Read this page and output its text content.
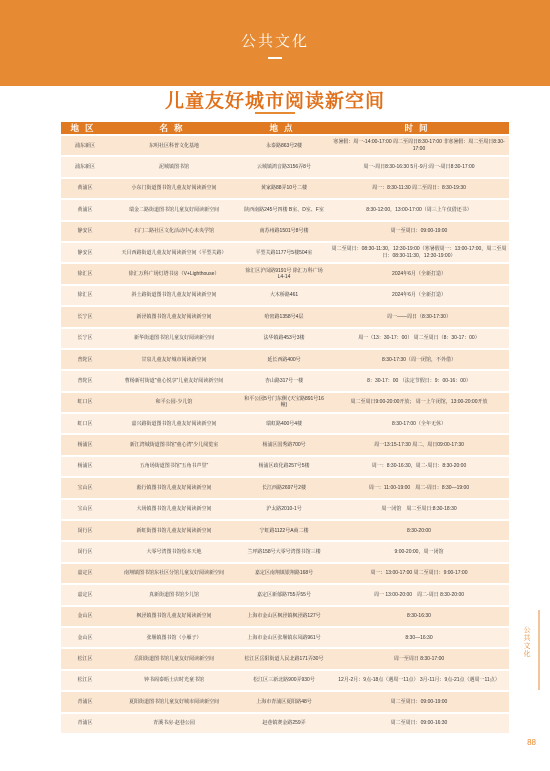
公共文化
儿童友好城市阅读新空间
地区	名称	地点	时间
浦东新区	东明社区科普文化基地	永泰路863号2楼	寒暑假：周一-14:00-17:00 周二至周日8:30-17:00 非寒暑假：周二至周日8:30-17:00
浦东新区	泥城镇图书馆	云城镇鸿音路3156弄8号	周一-周日8:30-16:30 5月-9月:周一-周日8:30-17:00
黄浦区	小东门街道图书馆儿童友好阅读新空间	黄家路88弄10号二楼	周一：8:30-11:30 周二至周日：8:30-19:30
黄浦区	瑞金二路街道图书馆儿童友好阅读新空间	陕西南路245号四楼 B室、D室、F室	8:30-12:00，13:00-17:00（周三上午仅借还书）
静安区	石门二路社区文化活动中心未央学馆	南苏州路1501号8号楼	周一至周日：09:00-19:00
静安区	天目西路街道儿童友好阅读新空间（平型关路）	平型关路1177号5楼504室	周二至周日：08:30-11:30，12:30-19:00（寒暑假周一：13:00-17:00，周二至周日：08:30-11:30，12:30-19:00）
徐汇区	徐汇万科广场灯塔书房（V+Lighthouse）	徐汇区沪闵路9191号 徐汇万科广场 L4-14	2024年6月（全新打造）
徐汇区	斜土路街道图书馆儿童友好阅读新空间	大木桥路461	2024年6月（全新打造）
长宁区	新泾镇图书馆儿童友好阅读新空间	哈密路1358号4层	周一——周日（8:30-17:30）
长宁区	新华街道图书馆儿童友好阅读新空间	法华镇路453号3楼	周一（13：30-17：00） 周二至周日（8：30-17：00）
普陀区	甘泉儿童友好城市阅读新空间	延长西路400号	8:30-17:30（周一闭馆，不外借）
普陀区	曹杨新村街道"童心悦享"儿童友好阅读新空间	杏山路317号一楼	8：30-17：00 （法定节假日：9：00-16：00）
虹口区	和平公园·少儿馆	和平公园5号门东侧 (天宝路891号16幢)	周二至周日9:00-20:00开放； 周一上午闭馆，13:00-20:00开放
虹口区	嘉兴路街道图书馆儿童友好阅读新空间	瑞虹路400号4楼	8:30-17:00（全年无休）
杨浦区	新江湾城街道图书馆"童心湾"少儿阅览室	杨浦区国秀路700号	周一13:15-17:30 周二、周日09:00-17:30
杨浦区	五角场街道图书馆"五角书声里"	杨浦区政化路257号5楼	周一：8:30-16:30，周二-周日：8:30-20:00
宝山区	淞行镇图书馆儿童友好阅读新空间	长江西路2697号2楼	周一：11:00-19:00　周二-周日：8:30—19:00
宝山区	大场镇图书馆儿童友好阅读新空间	沪太路2010-1号	周一闭馆　周二至周日:8:30-18:30
闵行区	新虹街图书馆儿童友好阅读新空间	宁虹路1122号A商二楼	8:30-20:00
闵行区	大零号湾图书馆绘本天地	兰坪路158号大零号湾图书馆三楼	9:00-20:00，周一闭馆
嘉定区	南翔镇图书馆东社区分馆儿童友好阅读新空间	嘉定区南翔镇银翔路168号	周一：13:00-17:00 周二至周日：9:00-17:00
嘉定区	真新街道图书馆少儿馆	嘉定区新郁路755弄55号	周一 13:00-20:00　周二-周日 8:30-20:00
金山区	枫泾镇图书馆儿童友好阅读新空间	上海市金山区枫泾镇枫泾路127号	8:30-16:30
金山区	张堰镇图书馆（小雁子）	上海市金山区张堰镇东凤路961号	8:30—16:30
松江区	岳阳街道图书馆儿童友好阅读新空间	松江区岳阳街道人民北路171弄30号	周一至周日 8:30-17:00
松江区	钟书阁泰晤士店时光童书馆	松江区三新北路900弄930号	12月-2月：9点-18点（遇周一11点） 3月-11月：9点-21点（遇周一11点）
青浦区	夏阳街道图书馆儿童友好城市阅读新空间	上海市青浦区夏阳路48号	周二至周日：09:00-19:00
青浦区	青溪书房·赵巷公园	赵巷镇赛金路259弄	周二至周日：09:00-16:30
公共文化
88
